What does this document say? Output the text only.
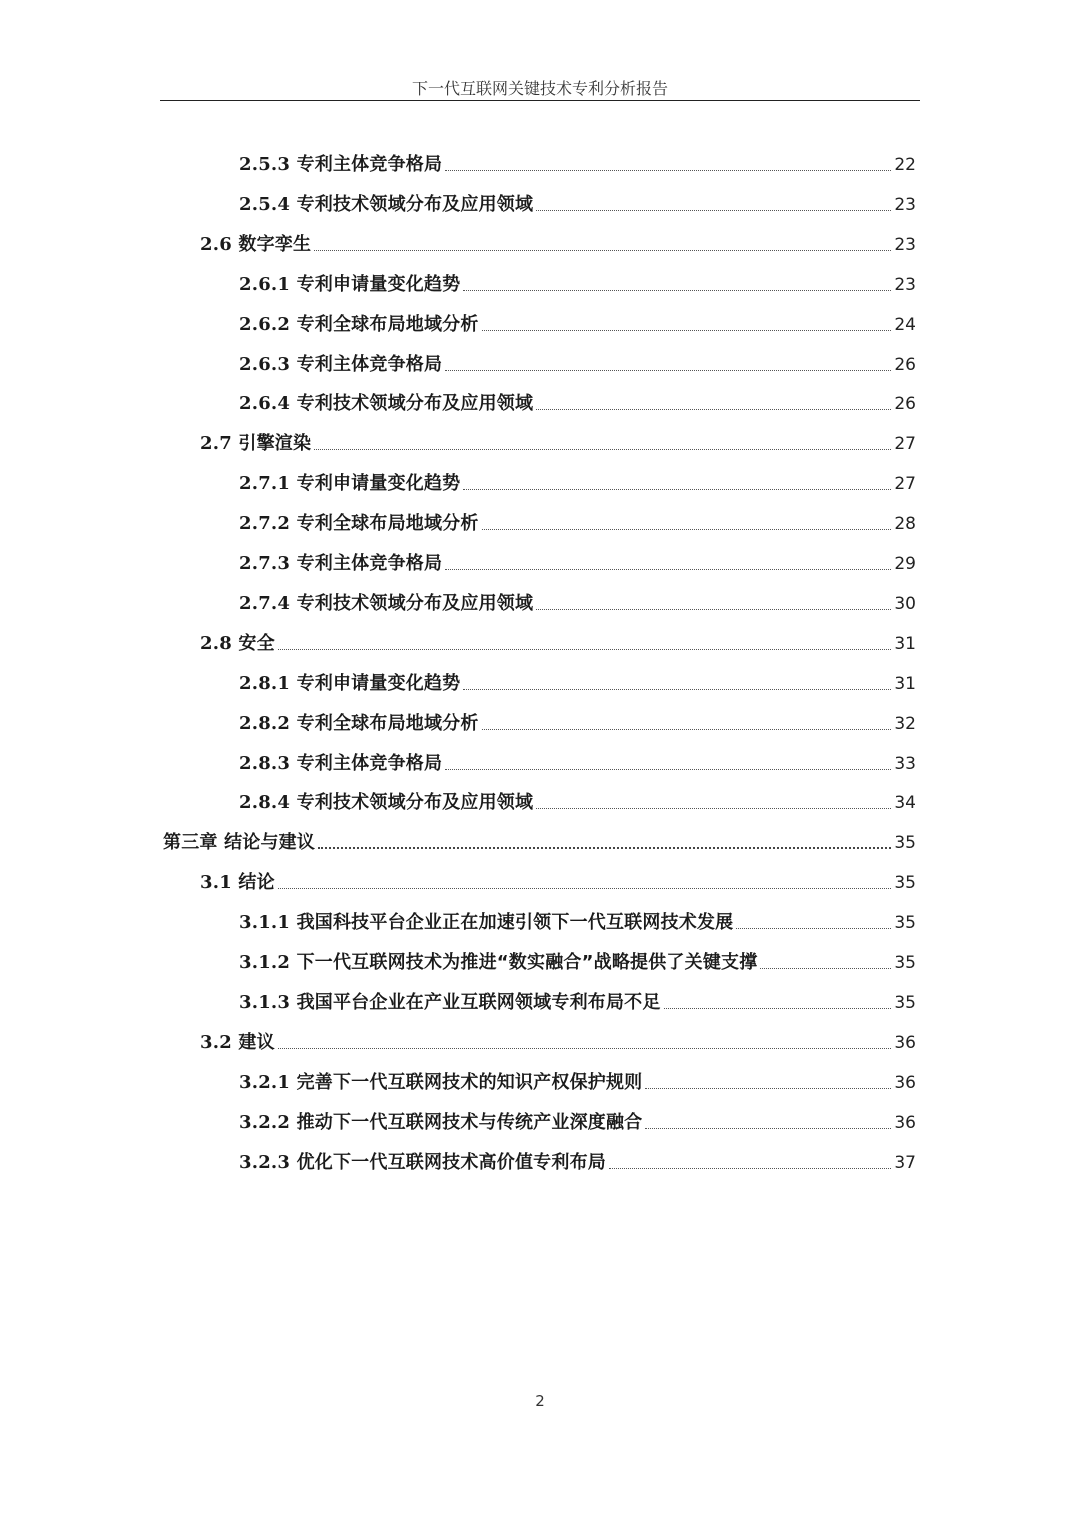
下一代互联网关键技术专利分析报告
2.5.3 专利主体竞争格局	22
2.5.4 专利技术领域分布及应用领域	23
2.6 数字孪生	23
2.6.1 专利申请量变化趋势	23
2.6.2 专利全球布局地域分析	24
2.6.3 专利主体竞争格局	26
2.6.4 专利技术领域分布及应用领域	26
2.7 引擎渲染	27
2.7.1 专利申请量变化趋势	27
2.7.2 专利全球布局地域分析	28
2.7.3 专利主体竞争格局	29
2.7.4 专利技术领域分布及应用领域	30
2.8 安全	31
2.8.1 专利申请量变化趋势	31
2.8.2 专利全球布局地域分析	32
2.8.3 专利主体竞争格局	33
2.8.4 专利技术领域分布及应用领域	34
第三章 结论与建议	35
3.1 结论	35
3.1.1 我国科技平台企业正在加速引领下一代互联网技术发展	35
3.1.2 下一代互联网技术为推进“数实融合”战略提供了关键支撑	35
3.1.3 我国平台企业在产业互联网领域专利布局不足	35
3.2 建议	36
3.2.1 完善下一代互联网技术的知识产权保护规则	36
3.2.2 推动下一代互联网技术与传统产业深度融合	36
3.2.3 优化下一代互联网技术高价值专利布局	37
2
